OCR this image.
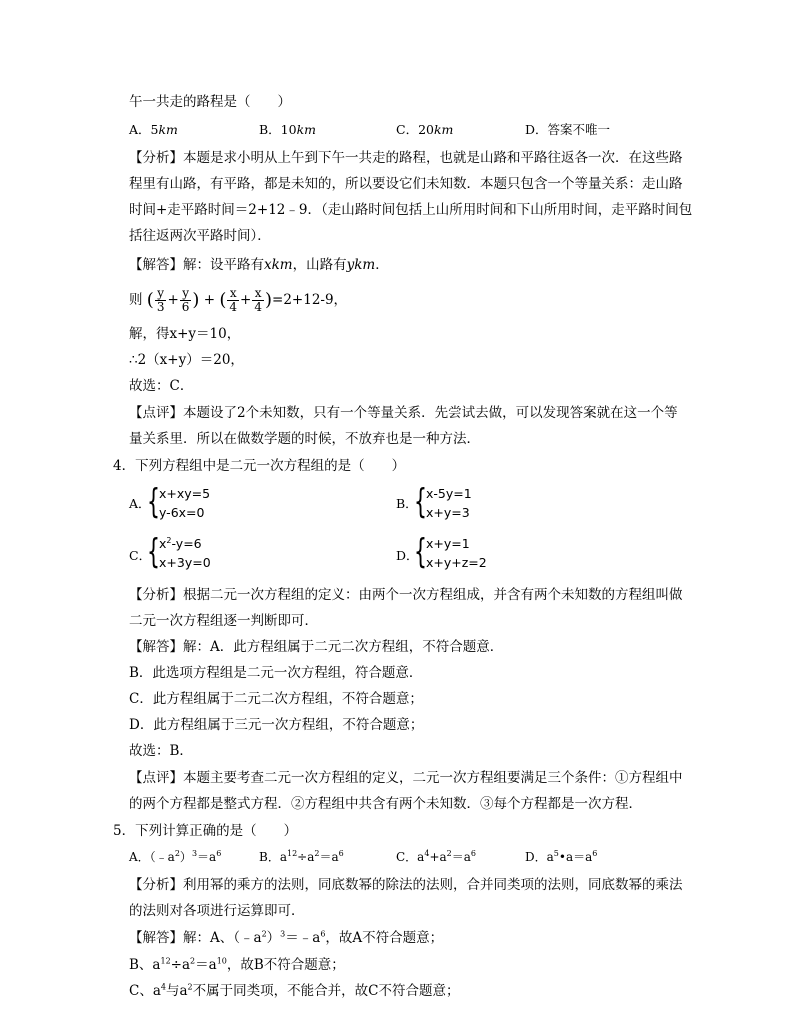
午一共走的路程是（　　）
A．5km	B．10km	C．20km	D．答案不唯一
【分析】本题是求小明从上午到下午一共走的路程，也就是山路和平路往返各一次．在这些路
程里有山路，有平路，都是未知的，所以要设它们未知数．本题只包含一个等量关系：走山路
时间+走平路时间＝2+12﹣9．（走山路时间包括上山所用时间和下山所用时间，走平路时间包
括往返两次平路时间）．
【解答】解：设平路有xkm，山路有ykm．
则 ( $\frac{y}{3} + \frac{y}{6}$ ) + ( $\frac{x}{4} + \frac{x}{4} )=2+12-9$，
解，得x+y＝10，
∴2（x+y）＝20，
故选：C．
【点评】本题设了2个未知数，只有一个等量关系．先尝试去做，可以发现答案就在这一个等
量关系里．所以在做数学题的时候，不放弃也是一种方法．
4．下列方程组中是二元一次方程组的是（　　）
A．
{ x+xy=5
y-6x=0
B．
{ x-5y=1
x+y=3
C．
{ $x^2-y=6$
x+3y=0	D．
{ x+y=1
x+y+z=2
【分析】根据二元一次方程组的定义：由两个一次方程组成，并含有两个未知数的方程组叫做
二元一次方程组逐一判断即可．
【解答】解：A．此方程组属于二元二次方程组，不符合题意．
B．此选项方程组是二元一次方程组，符合题意．
C．此方程组属于二元二次方程组，不符合题意；
D．此方程组属于三元一次方程组，不符合题意；
故选：B．
【点评】本题主要考查二元一次方程组的定义，二元一次方程组要满足三个条件：①方程组中
的两个方程都是整式方程．②方程组中共含有两个未知数．③每个方程都是一次方程．
5．下列计算正确的是（　　）
A．$(﹣a^2)^3=a^6$	B．$a^{12}\div a^2=a^6$	C．$a^4+a^2=a^6$	D．$a^5•a=a^6$
【分析】利用幂的乘方的法则，同底数幂的除法的法则，合并同类项的法则，同底数幂的乘法
的法则对各项进行运算即可．
【解答】解：A、$(﹣a^2)^3=﹣a^6$，故A不符合题意；
B、$a^{12}\div a^2=a^{10}$，故B不符合题意；
C、$a^4$与$a^2$不属于同类项，不能合并，故C不符合题意；
